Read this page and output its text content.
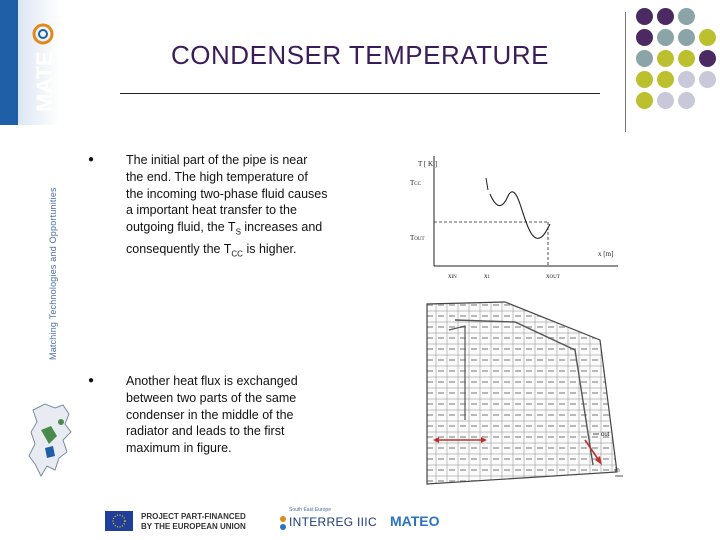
MATE
Matching Technologies and Opportunities
CONDENSER TEMPERATURE
●	The initial part of the pipe is near the end. The high temperature of the incoming two-phase fluid causes a important heat transfer to the outgoing fluid, the $T_S$ increases and consequently the $T_{CC}$ is higher.
●	Another heat flux is exchanged between two parts of the same condenser in the middle of the radiator and leads to the first maximum in figure.
T [ K ]
TCC
TOUT
x [m]
xIN	x1	xOUT
out
in
PROJECT PART-FINANCED
BY THE EUROPEAN UNION
South East Europe
INTERREG IIIC MATEO
